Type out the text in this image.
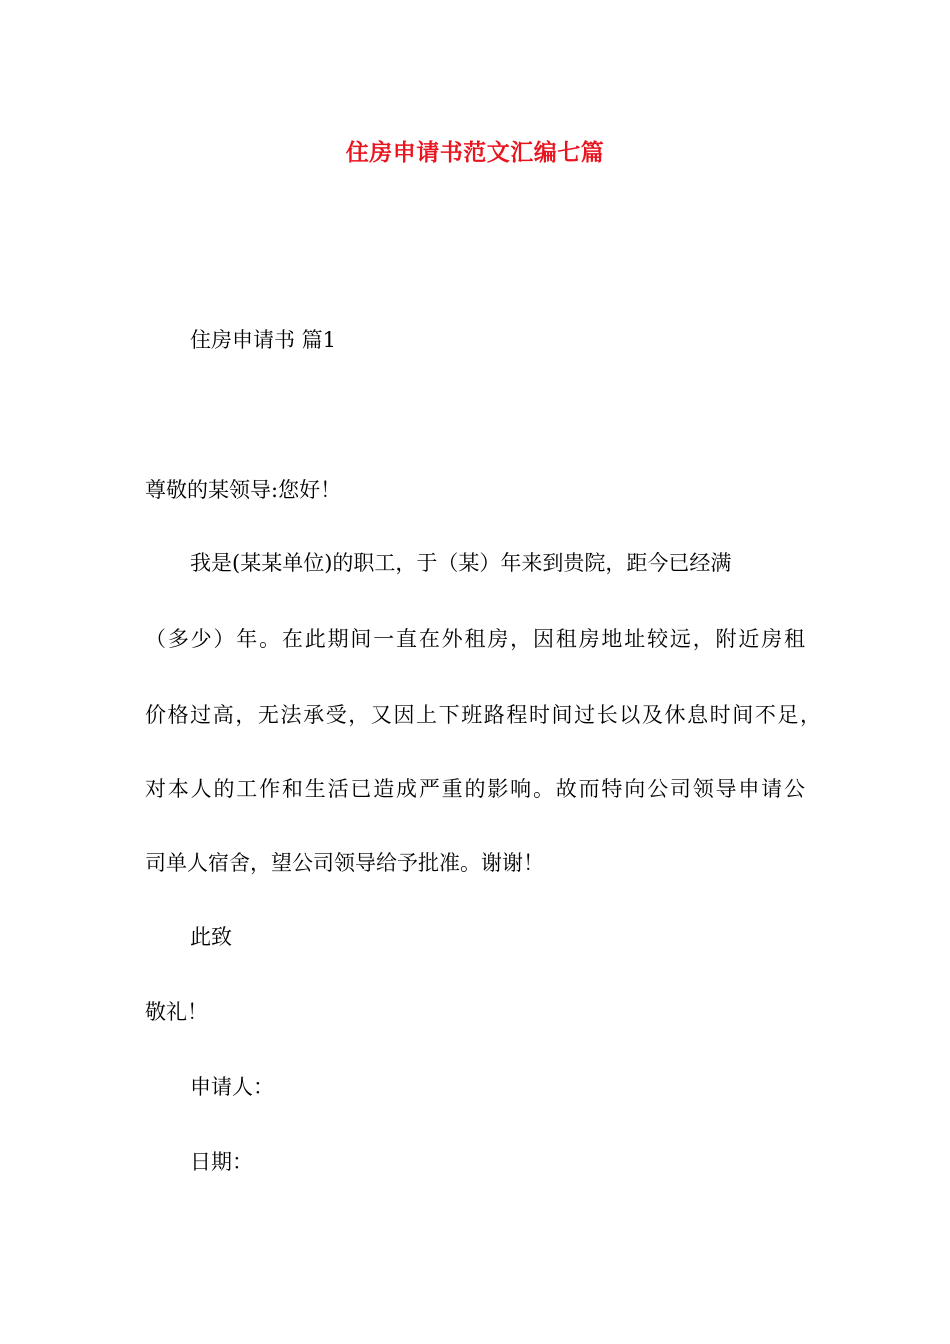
住房申请书范文汇编七篇
住房申请书 篇1
尊敬的某领导:您好！
我是(某某单位)的职工，于（某）年来到贵院，距今已经满
（多少）年。在此期间一直在外租房，因租房地址较远，附近房租
价格过高，无法承受，又因上下班路程时间过长以及休息时间不足，
对本人的工作和生活已造成严重的影响。故而特向公司领导申请公
司单人宿舍，望公司领导给予批准。谢谢！
此致
敬礼！
申请人：
日期：
